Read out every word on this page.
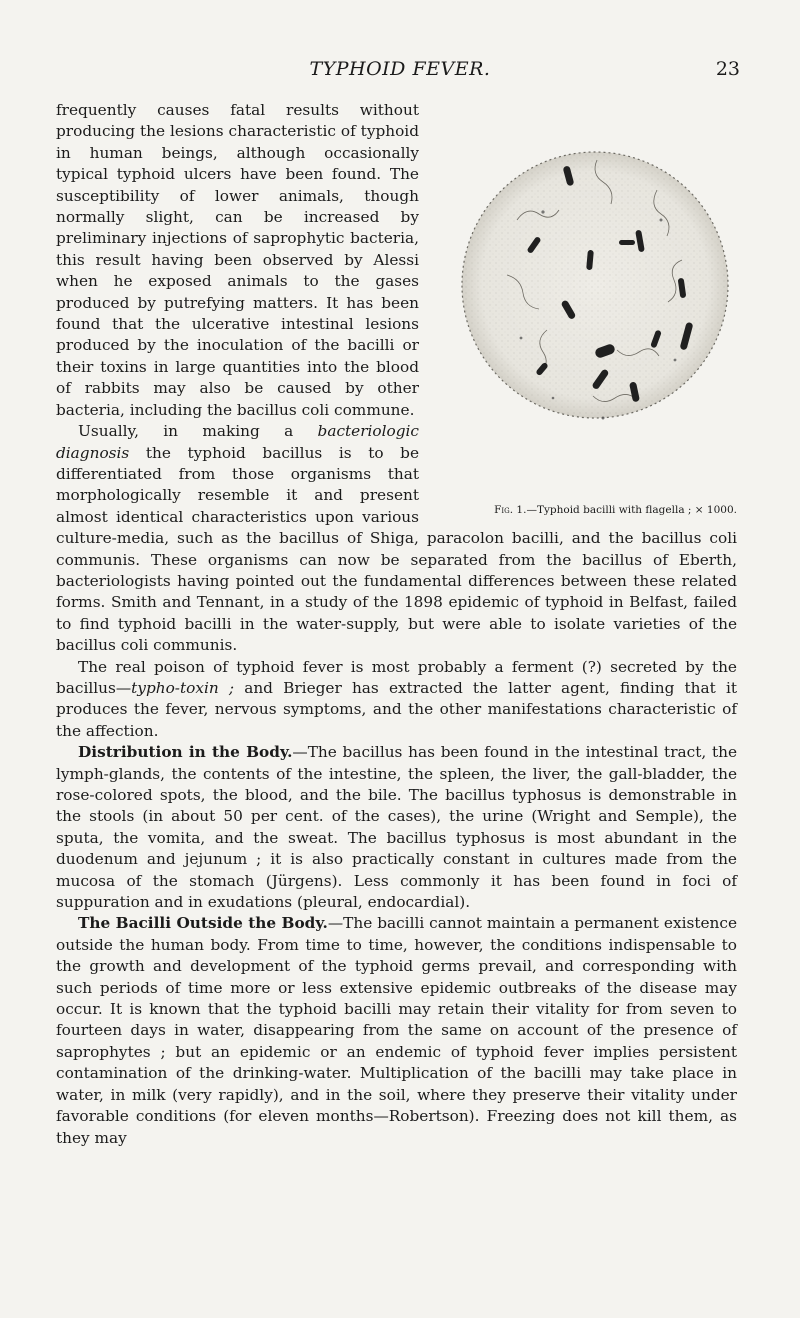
TYPHOID FEVER.	23
Fig. 1.—Typhoid bacilli with flagella ; × 1000.

frequently causes fatal results without producing the lesions characteristic of typhoid in human beings, although occasionally typical typhoid ulcers have been found. The susceptibility of lower animals, though normally slight, can be increased by preliminary injections of saprophytic bacteria, this result having been observed by Alessi when he exposed animals to the gases produced by putrefying matters. It has been found that the ulcerative intestinal lesions produced by the inoculation of the bacilli or their toxins in large quantities into the blood of rabbits may also be caused by other bacteria, including the bacillus coli commune.

Usually, in making a bacteriologic diagnosis the typhoid bacillus is to be differentiated from those organisms that morphologically resemble it and present almost identical characteristics upon various culture-media, such as the bacillus of Shiga, paracolon bacilli, and the bacillus coli communis. These organisms can now be separated from the bacillus of Eberth, bacteriologists having pointed out the fundamental differences between these related forms. Smith and Tennant, in a study of the 1898 epidemic of typhoid in Belfast, failed to find typhoid bacilli in the water-supply, but were able to isolate varieties of the bacillus coli communis.

The real poison of typhoid fever is most probably a ferment (?) secreted by the bacillus—typho-toxin ; and Brieger has extracted the latter agent, finding that it produces the fever, nervous symptoms, and the other manifestations characteristic of the affection.

Distribution in the Body.—The bacillus has been found in the intestinal tract, the lymph-glands, the contents of the intestine, the spleen, the liver, the gall-bladder, the rose-colored spots, the blood, and the bile. The bacillus typhosus is demonstrable in the stools (in about 50 per cent. of the cases), the urine (Wright and Semple), the sputa, the vomita, and the sweat. The bacillus typhosus is most abundant in the duodenum and jejunum ; it is also practically constant in cultures made from the mucosa of the stomach (Jürgens). Less commonly it has been found in foci of suppuration and in exudations (pleural, endocardial).

The Bacilli Outside the Body.—The bacilli cannot maintain a permanent existence outside the human body. From time to time, however, the conditions indispensable to the growth and development of the typhoid germs prevail, and corresponding with such periods of time more or less extensive epidemic outbreaks of the disease may occur. It is known that the typhoid bacilli may retain their vitality for from seven to fourteen days in water, disappearing from the same on account of the presence of saprophytes ; but an epidemic or an endemic of typhoid fever implies persistent contamination of the drinking-water. Multiplication of the bacilli may take place in water, in milk (very rapidly), and in the soil, where they preserve their vitality under favorable conditions (for eleven months—Robertson). Freezing does not kill them, as they may
